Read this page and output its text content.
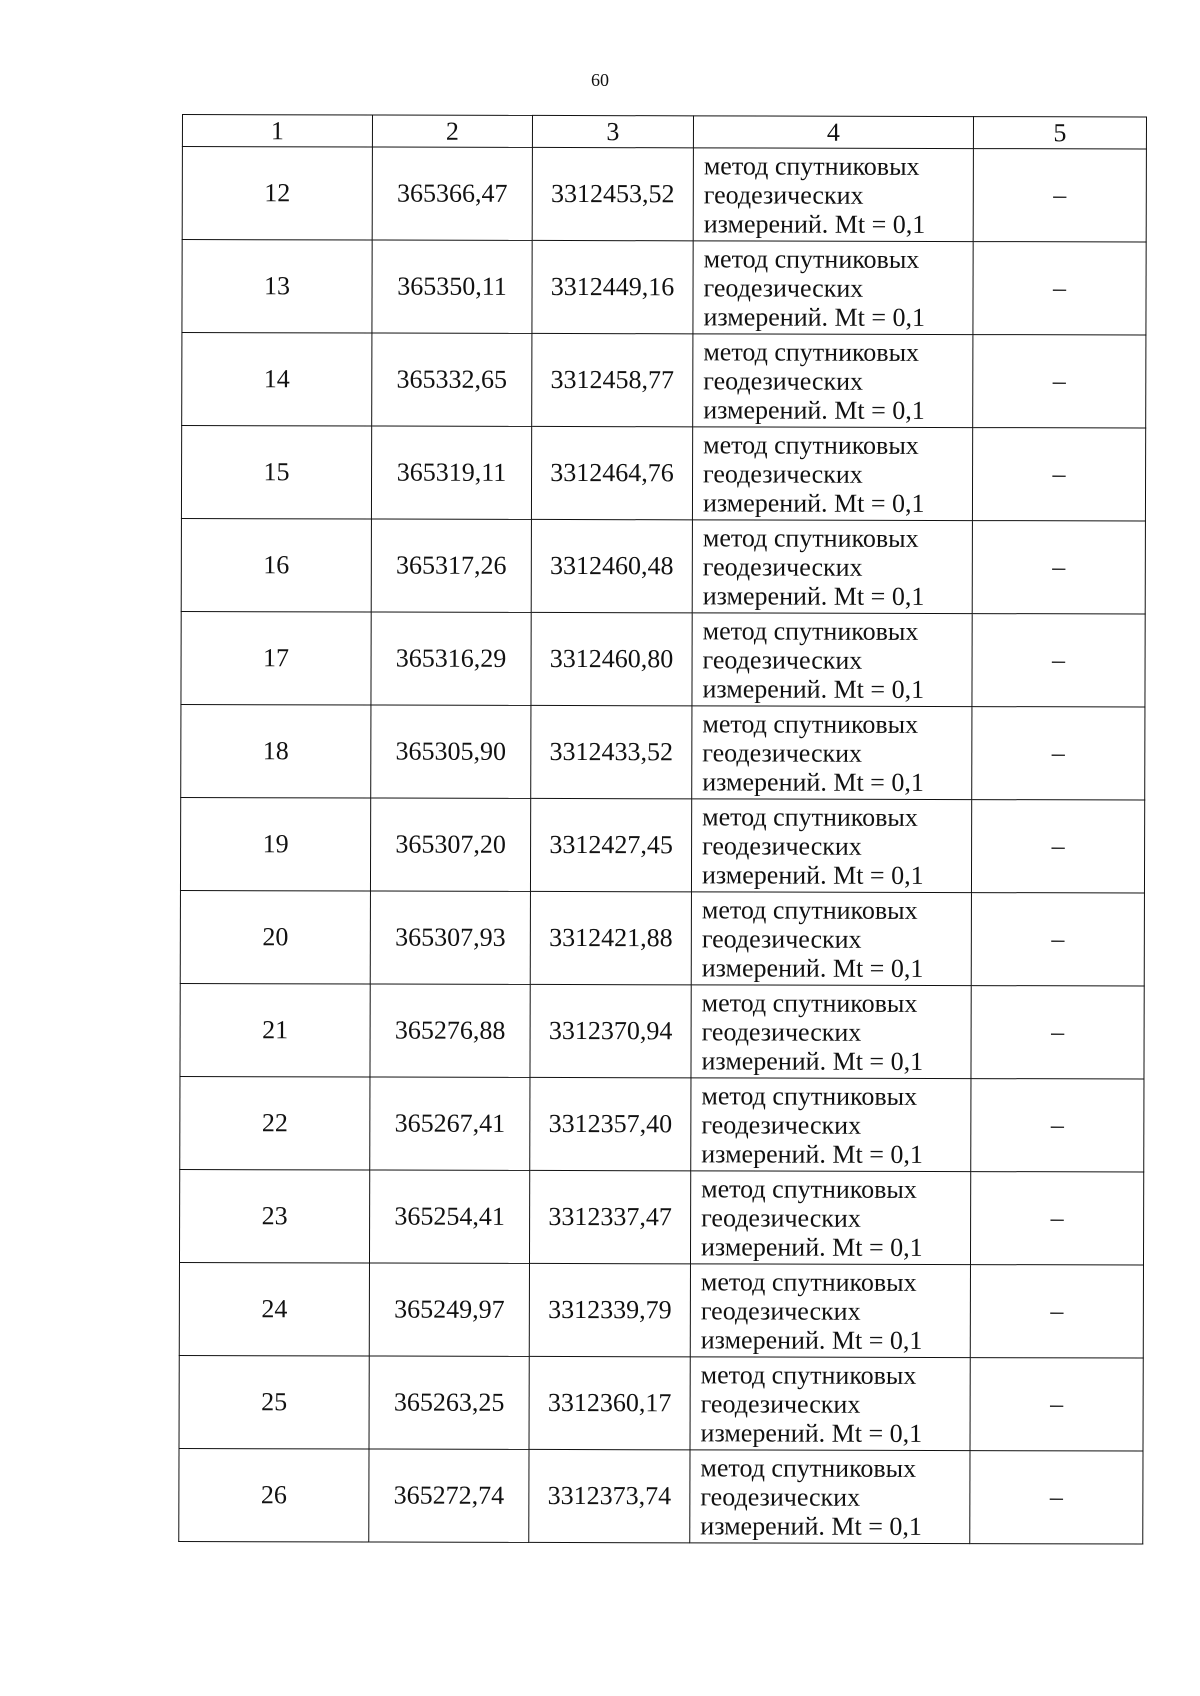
60
1	2	3	4	5
12	365366,47	3312453,52	метод спутниковых
геодезических
измерений. Mt = 0,1	–
13	365350,11	3312449,16	метод спутниковых
геодезических
измерений. Mt = 0,1	–
14	365332,65	3312458,77	метод спутниковых
геодезических
измерений. Mt = 0,1	–
15	365319,11	3312464,76	метод спутниковых
геодезических
измерений. Mt = 0,1	–
16	365317,26	3312460,48	метод спутниковых
геодезических
измерений. Mt = 0,1	–
17	365316,29	3312460,80	метод спутниковых
геодезических
измерений. Mt = 0,1	–
18	365305,90	3312433,52	метод спутниковых
геодезических
измерений. Mt = 0,1	–
19	365307,20	3312427,45	метод спутниковых
геодезических
измерений. Mt = 0,1	–
20	365307,93	3312421,88	метод спутниковых
геодезических
измерений. Mt = 0,1	–
21	365276,88	3312370,94	метод спутниковых
геодезических
измерений. Mt = 0,1	–
22	365267,41	3312357,40	метод спутниковых
геодезических
измерений. Mt = 0,1	–
23	365254,41	3312337,47	метод спутниковых
геодезических
измерений. Mt = 0,1	–
24	365249,97	3312339,79	метод спутниковых
геодезических
измерений. Mt = 0,1	–
25	365263,25	3312360,17	метод спутниковых
геодезических
измерений. Mt = 0,1	–
26	365272,74	3312373,74	метод спутниковых
геодезических
измерений. Mt = 0,1	–
